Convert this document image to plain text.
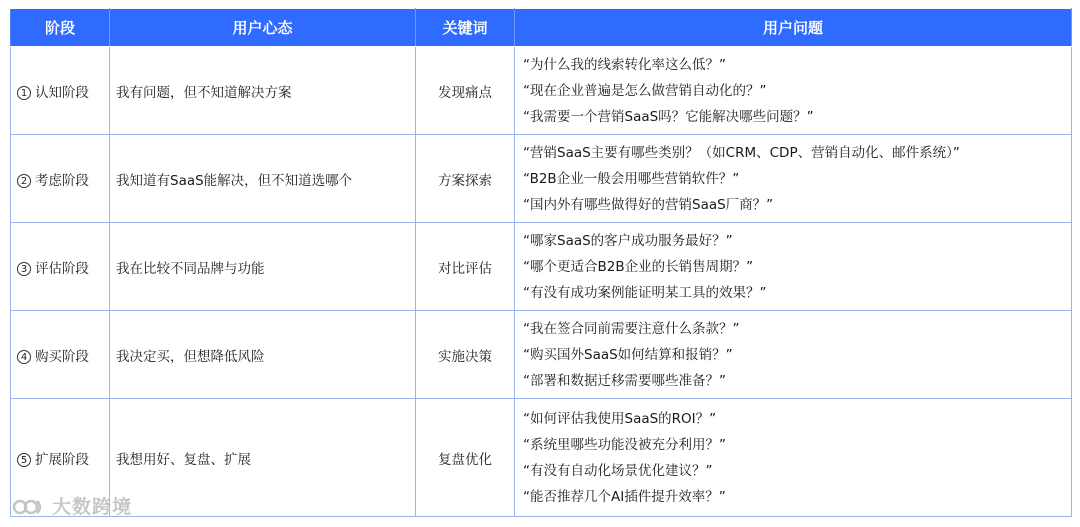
阶段	用户心态	关键词	用户问题
1 认知阶段	我有问题，但不知道解决方案	发现痛点	“为什么我的线索转化率这么低？”
“现在企业普遍是怎么做营销自动化的？”
“我需要一个营销SaaS吗？它能解决哪些问题？”

2 考虑阶段	我知道有SaaS能解决，但不知道选哪个	方案探索	“营销SaaS主要有哪些类别？（如CRM、CDP、营销自动化、邮件系统）”
“B2B企业一般会用哪些营销软件？”
“国内外有哪些做得好的营销SaaS厂商？”

3 评估阶段	我在比较不同品牌与功能	对比评估	“哪家SaaS的客户成功服务最好？”
“哪个更适合B2B企业的长销售周期？”
“有没有成功案例能证明某工具的效果？”

4 购买阶段	我决定买，但想降低风险	实施决策	“我在签合同前需要注意什么条款？”
“购买国外SaaS如何结算和报销？”
“部署和数据迁移需要哪些准备？”

5 扩展阶段	我想用好、复盘、扩展	复盘优化	“如何评估我使用SaaS的ROI？”
“系统里哪些功能没被充分利用？”
“有没有自动化场景优化建议？”
“能否推荐几个AI插件提升效率？”
大数跨境
